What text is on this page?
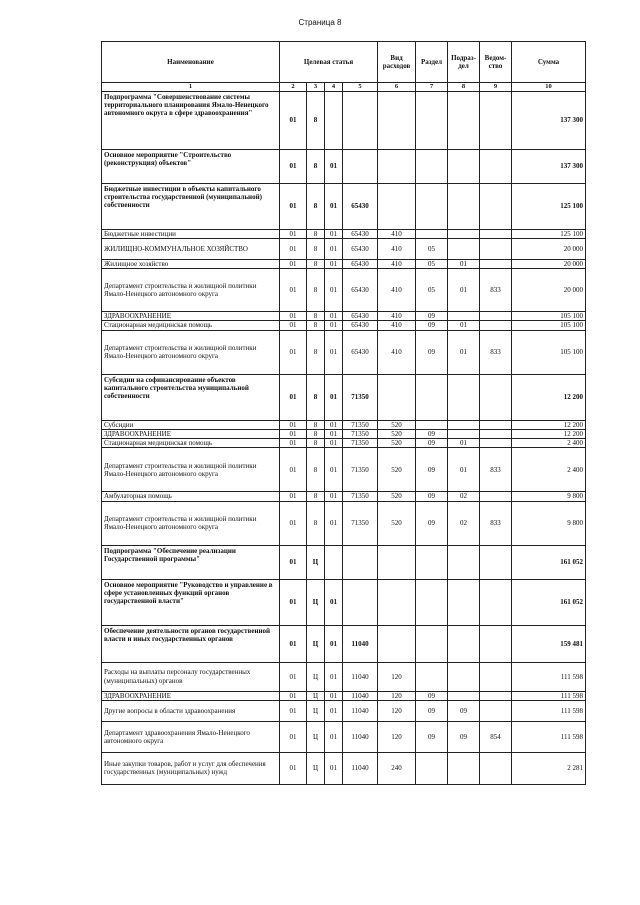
Страница 8
Наименование	Целевая статья				Вид расходов	Раздел	Подраз-дел	Ведом-ство	Сумма
1	2	3	4	5	6	7	8	9	10
Подпрограмма "Совершенствование системы территориального планирования Ямало-Ненецкого автономного округа в сфере здравоохранения"	01	8							137 300
Основное мероприятие "Строительство (реконструкция) объектов"	01	8	01						137 300
Бюджетные инвестиции в объекты капитального строительства государственной (муниципальной) собственности	01	8	01	65430					125 100
Бюджетные инвестиции	01	8	01	65430	410				125 100
ЖИЛИЩНО-КОММУНАЛЬНОЕ ХОЗЯЙСТВО	01	8	01	65430	410	05			20 000
Жилищное хозяйство	01	8	01	65430	410	05	01		20 000
Департамент строительства и жилищной политики Ямало-Ненецкого автономного округа	01	8	01	65430	410	05	01	833	20 000
ЗДРАВООХРАНЕНИЕ	01	8	01	65430	410	09			105 100
Стационарная медицинская помощь	01	8	01	65430	410	09	01		105 100
Департамент строительства и жилищной политики Ямало-Ненецкого автономного округа	01	8	01	65430	410	09	01	833	105 100
Субсидии на софинансирование объектов капитального строительства муниципальной собственности	01	8	01	71350					12 200
Субсидии	01	8	01	71350	520				12 200
ЗДРАВООХРАНЕНИЕ	01	8	01	71350	520	09			12 200
Стационарная медицинская помощь	01	8	01	71350	520	09	01		2 400
Департамент строительства и жилищной политики Ямало-Ненецкого автономного округа	01	8	01	71350	520	09	01	833	2 400
Амбулаторная помощь	01	8	01	71350	520	09	02		9 800
Департамент строительства и жилищной политики Ямало-Ненецкого автономного округа	01	8	01	71350	520	09	02	833	9 800
Подпрограмма "Обеспечение реализации Государственной программы"	01	Ц							161 052
Основное мероприятие "Руководство и управление в сфере установленных функций органов государственной власти"	01	Ц	01						161 052
Обеспечение деятельности органов государственной власти и иных государственных органов	01	Ц	01	11040					159 481
Расходы на выплаты персоналу государственных (муниципальных) органов	01	Ц	01	11040	120				111 598
ЗДРАВООХРАНЕНИЕ	01	Ц	01	11040	120	09			111 598
Другие вопросы в области здравоохранения	01	Ц	01	11040	120	09	09		111 598
Департамент здравоохранения Ямало-Ненецкого автономного округа	01	Ц	01	11040	120	09	09	854	111 598
Иные закупки товаров, работ и услуг для обеспечения государственных (муниципальных) нужд	01	Ц	01	11040	240				2 281
